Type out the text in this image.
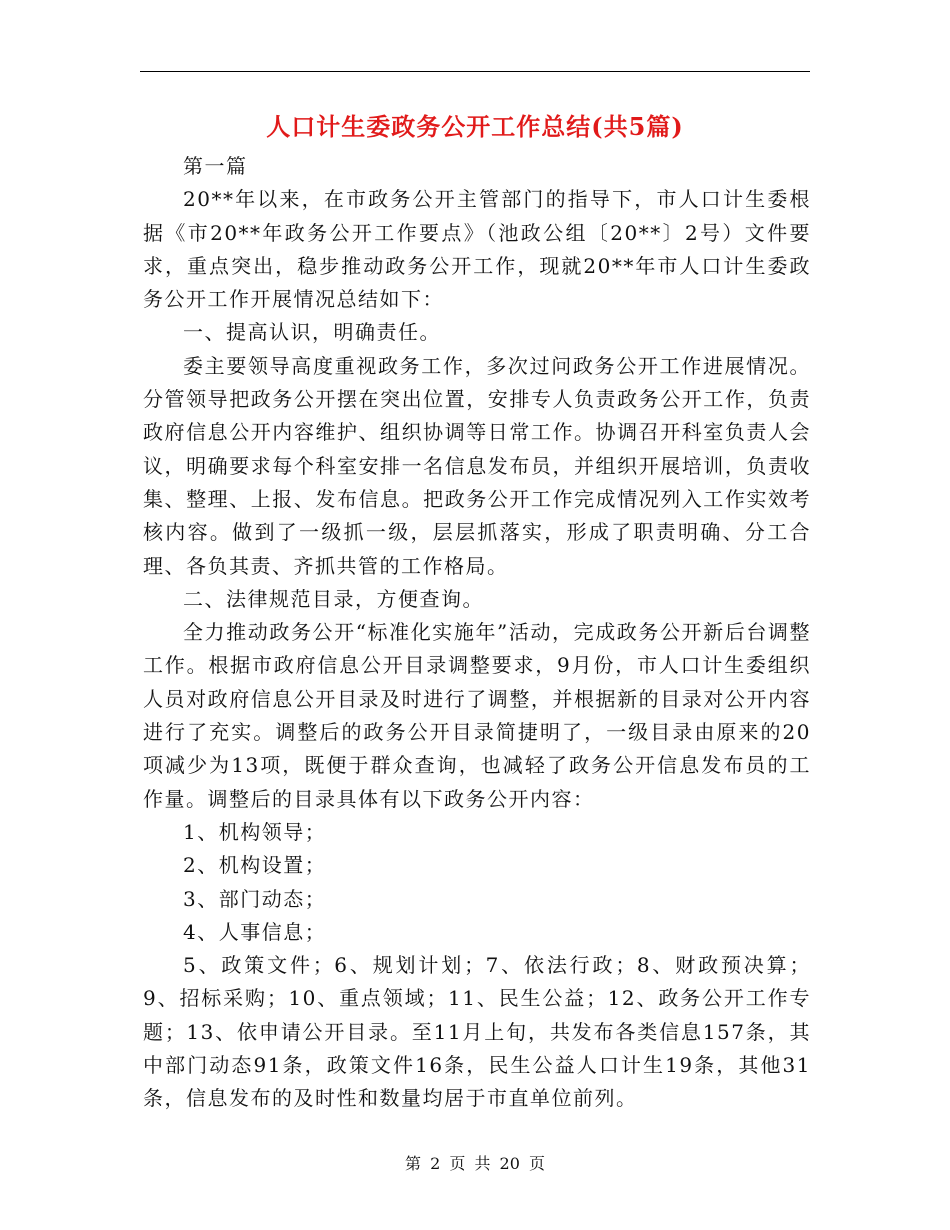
人口计生委政务公开工作总结(共5篇)

第一篇

20**年以来，在市政务公开主管部门的指导下，市人口计生委根据《市20**年政务公开工作要点》（池政公组〔20**〕2号）文件要求，重点突出，稳步推动政务公开工作，现就20**年市人口计生委政务公开工作开展情况总结如下：

一、提高认识，明确责任。

委主要领导高度重视政务工作，多次过问政务公开工作进展情况。分管领导把政务公开摆在突出位置，安排专人负责政务公开工作，负责政府信息公开内容维护、组织协调等日常工作。协调召开科室负责人会议，明确要求每个科室安排一名信息发布员，并组织开展培训，负责收集、整理、上报、发布信息。把政务公开工作完成情况列入工作实效考核内容。做到了一级抓一级，层层抓落实，形成了职责明确、分工合理、各负其责、齐抓共管的工作格局。

二、法律规范目录，方便查询。

全力推动政务公开“标准化实施年”活动，完成政务公开新后台调整工作。根据市政府信息公开目录调整要求，9月份，市人口计生委组织人员对政府信息公开目录及时进行了调整，并根据新的目录对公开内容进行了充实。调整后的政务公开目录简捷明了，一级目录由原来的20项减少为13项，既便于群众查询，也减轻了政务公开信息发布员的工作量。调整后的目录具体有以下政务公开内容：

1、机构领导；

2、机构设置；

3、部门动态；

4、人事信息；

5、政策文件；6、规划计划；7、依法行政；8、财政预决算；9、招标采购；10、重点领域；11、民生公益；12、政务公开工作专题；13、依申请公开目录。至11月上旬，共发布各类信息157条，其中部门动态91条，政策文件16条，民生公益人口计生19条，其他31条，信息发布的及时性和数量均居于市直单位前列。

第 2 页 共 20 页
